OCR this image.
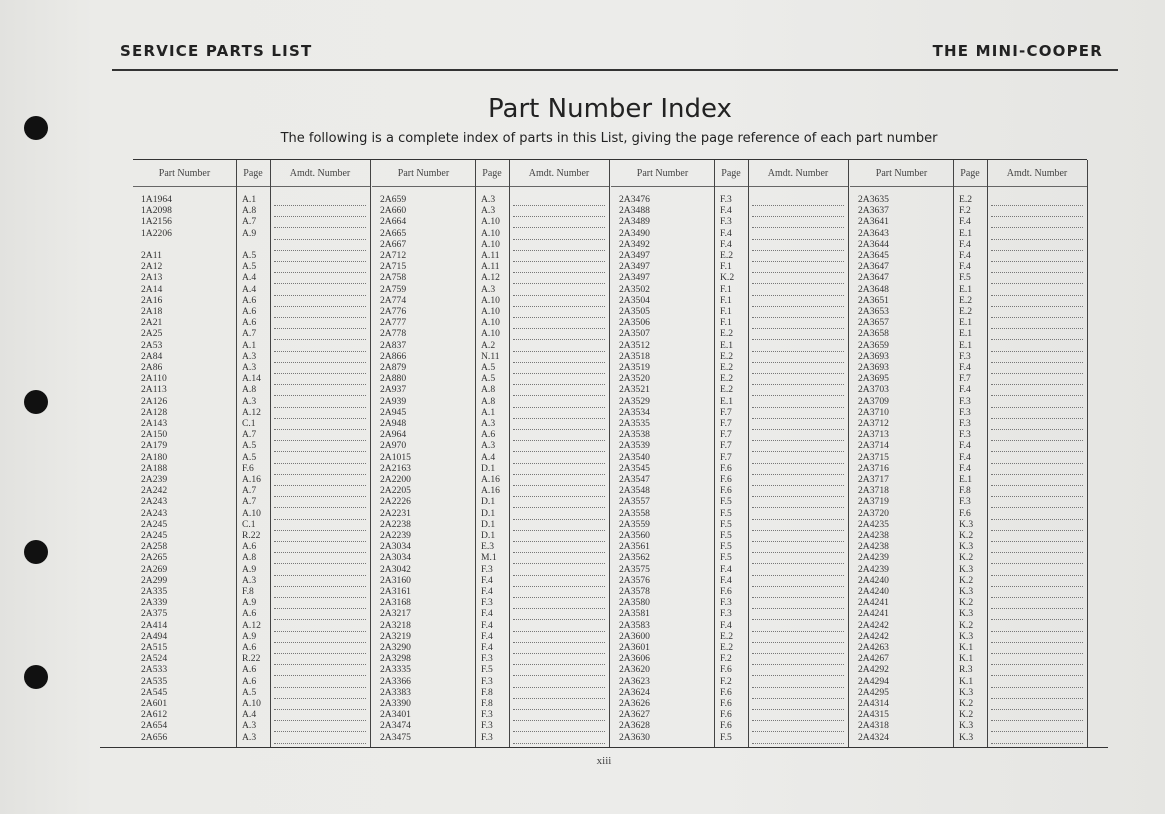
SERVICE PARTS LIST	THE MINI-COOPER
Part Number Index
The following is a complete index of parts in this List, giving the page reference of each part number
Part Number	Page	Amdt. Number
1A1964	A.1
1A2098	A.8
1A2156	A.7
1A2206	A.9
2A11	A.5
2A12	A.5
2A13	A.4
2A14	A.4
2A16	A.6
2A18	A.6
2A21	A.6
2A25	A.7
2A53	A.1
2A84	A.3
2A86	A.3
2A110	A.14
2A113	A.8
2A126	A.3
2A128	A.12
2A143	C.1
2A150	A.7
2A179	A.5
2A180	A.5
2A188	F.6
2A239	A.16
2A242	A.7
2A243	A.7
2A243	A.10
2A245	C.1
2A245	R.22
2A258	A.6
2A265	A.8
2A269	A.9
2A299	A.3
2A335	F.8
2A339	A.9
2A375	A.6
2A414	A.12
2A494	A.9
2A515	A.6
2A524	R.22
2A533	A.6
2A535	A.6
2A545	A.5
2A601	A.10
2A612	A.4
2A654	A.3
2A656	A.3
Part Number	Page	Amdt. Number
2A659	A.3
2A660	A.3
2A664	A.10
2A665	A.10
2A667	A.10
2A712	A.11
2A715	A.11
2A758	A.12
2A759	A.3
2A774	A.10
2A776	A.10
2A777	A.10
2A778	A.10
2A837	A.2
2A866	N.11
2A879	A.5
2A880	A.5
2A937	A.8
2A939	A.8
2A945	A.1
2A948	A.3
2A964	A.6
2A970	A.3
2A1015	A.4
2A2163	D.1
2A2200	A.16
2A2205	A.16
2A2226	D.1
2A2231	D.1
2A2238	D.1
2A2239	D.1
2A3034	E.3
2A3034	M.1
2A3042	F.3
2A3160	F.4
2A3161	F.4
2A3168	F.3
2A3217	F.4
2A3218	F.4
2A3219	F.4
2A3290	F.4
2A3298	F.3
2A3335	F.5
2A3366	F.3
2A3383	F.8
2A3390	F.8
2A3401	F.3
2A3474	F.3
2A3475	F.3
Part Number	Page	Amdt. Number
2A3476	F.3
2A3488	F.4
2A3489	F.3
2A3490	F.4
2A3492	F.4
2A3497	E.2
2A3497	F.1
2A3497	K.2
2A3502	F.1
2A3504	F.1
2A3505	F.1
2A3506	F.1
2A3507	E.2
2A3512	E.1
2A3518	E.2
2A3519	E.2
2A3520	E.2
2A3521	E.2
2A3529	E.1
2A3534	F.7
2A3535	F.7
2A3538	F.7
2A3539	F.7
2A3540	F.7
2A3545	F.6
2A3547	F.6
2A3548	F.6
2A3557	F.5
2A3558	F.5
2A3559	F.5
2A3560	F.5
2A3561	F.5
2A3562	F.5
2A3575	F.4
2A3576	F.4
2A3578	F.6
2A3580	F.3
2A3581	F.3
2A3583	F.4
2A3600	E.2
2A3601	E.2
2A3606	F.2
2A3620	F.6
2A3623	F.2
2A3624	F.6
2A3626	F.6
2A3627	F.6
2A3628	F.6
2A3630	F.5
Part Number	Page	Amdt. Number
2A3635	E.2
2A3637	F.2
2A3641	F.4
2A3643	E.1
2A3644	F.4
2A3645	F.4
2A3647	F.4
2A3647	F.5
2A3648	E.1
2A3651	E.2
2A3653	E.2
2A3657	E.1
2A3658	E.1
2A3659	E.1
2A3693	F.3
2A3693	F.4
2A3695	F.7
2A3703	F.4
2A3709	F.3
2A3710	F.3
2A3712	F.3
2A3713	F.3
2A3714	F.4
2A3715	F.4
2A3716	F.4
2A3717	E.1
2A3718	F.8
2A3719	F.3
2A3720	F.6
2A4235	K.3
2A4238	K.2
2A4238	K.3
2A4239	K.2
2A4239	K.3
2A4240	K.2
2A4240	K.3
2A4241	K.2
2A4241	K.3
2A4242	K.2
2A4242	K.3
2A4263	K.1
2A4267	K.1
2A4292	R.3
2A4294	K.1
2A4295	K.3
2A4314	K.2
2A4315	K.2
2A4318	K.3
2A4324	K.3
xiii
